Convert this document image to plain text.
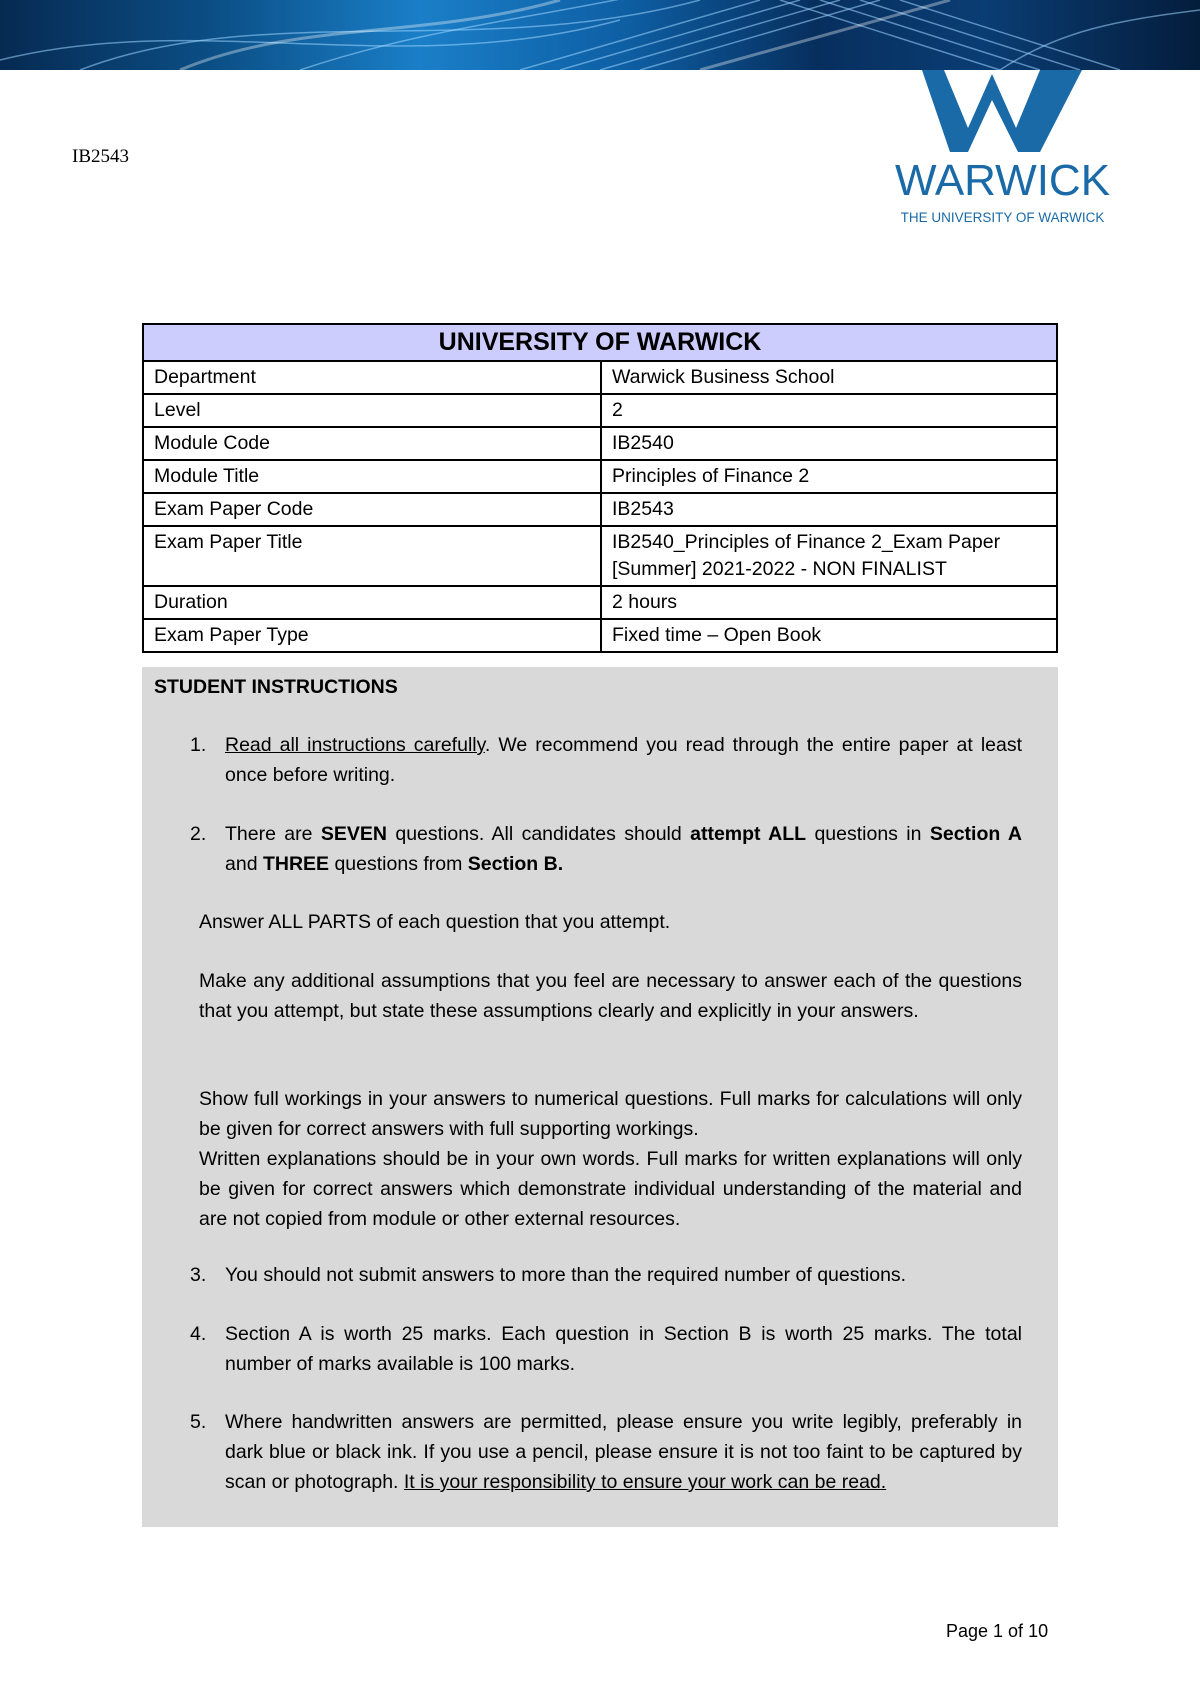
IB2543	WARWICK
THE UNIVERSITY OF WARWICK
UNIVERSITY OF WARWICK	
Department	Warwick Business School
Level	2
Module Code	IB2540
Module Title	Principles of Finance 2
Exam Paper Code	IB2543
Exam Paper Title	IB2540_Principles of Finance 2_Exam Paper
[Summer] 2021-2022 - NON FINALIST

Duration	2 hours
Exam Paper Type	Fixed time – Open Book
STUDENT INSTRUCTIONS
1. Read all instructions carefully. We recommend you read through the entire paper at least once before writing.
2. There are SEVEN questions. All candidates should attempt ALL questions in Section A and THREE questions from Section B.
Answer ALL PARTS of each question that you attempt.
Make any additional assumptions that you feel are necessary to answer each of the questions that you attempt, but state these assumptions clearly and explicitly in your answers.
Show full workings in your answers to numerical questions. Full marks for calculations will only be given for correct answers with full supporting workings.
Written explanations should be in your own words. Full marks for written explanations will only be given for correct answers which demonstrate individual understanding of the material and are not copied from module or other external resources.
3. You should not submit answers to more than the required number of questions.
4. Section A is worth 25 marks. Each question in Section B is worth 25 marks. The total number of marks available is 100 marks.
5. Where handwritten answers are permitted, please ensure you write legibly, preferably in dark blue or black ink. If you use a pencil, please ensure it is not too faint to be captured by scan or photograph. It is your responsibility to ensure your work can be read.
Page 1 of 10
